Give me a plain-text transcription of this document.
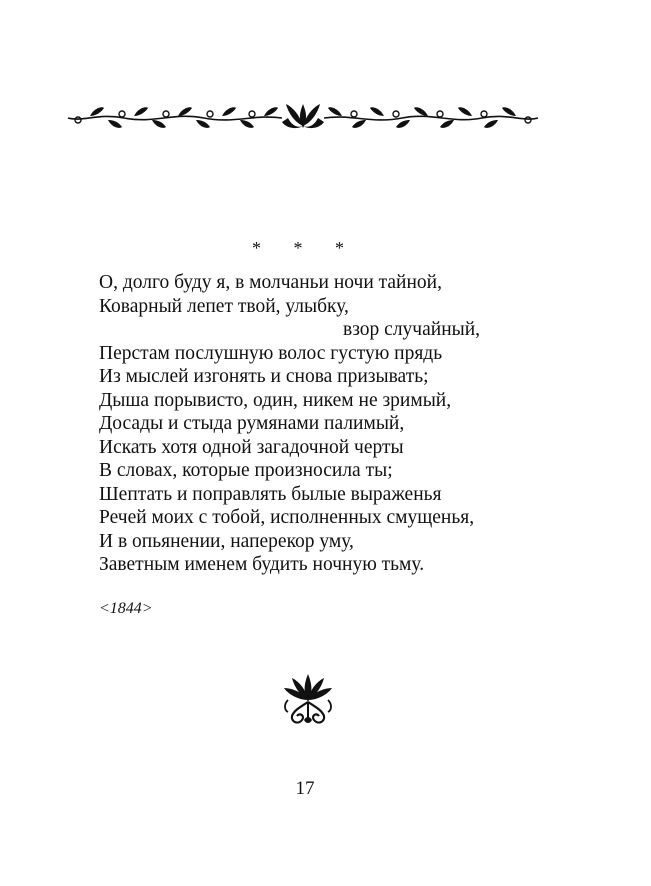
* * *
О, долго буду я, в молчаньи ночи тайной,
Коварный лепет твой, улыбку,
взор случайный,
Перстам послушную волос густую прядь
Из мыслей изгонять и снова призывать;
Дыша порывисто, один, никем не зримый,
Досады и стыда румянами палимый,
Искать хотя одной загадочной черты
В словах, которые произносила ты;
Шептать и поправлять былые выраженья
Речей моих с тобой, исполненных смущенья,
И в опьянении, наперекор уму,
Заветным именем будить ночную тьму.
<1844>
17
